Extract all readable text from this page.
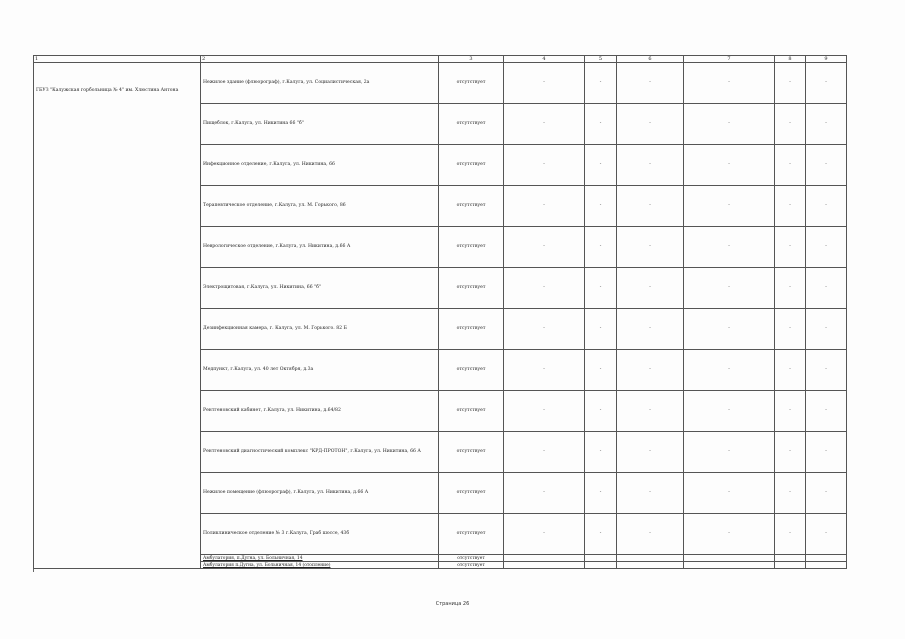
1	2	3	4	5	6	7	8	9
ГБУЗ "Калужская горбольница № 4" им. Хлюстина Антона	Нежилое здание (флюорограф), г.Калуга, ул. Социалистическая, 2а	отсутствует	-	-	-	-	-	-
	Пищеблок, г.Калуга, ул. Никитина 66 "б"	отсутствует	-	-	-	-	-	-
	Инфекционное отделение, г.Калуга, ул. Никитина, 66	отсутствует	-	-	-	-	-	-
	Терапевтическое отделение, г.Калуга, ул. М. Горького, 86	отсутствует	-	-	-	-	-	-
	Неврологическое отделение, г.Калуга, ул. Никитина, д.66 А	отсутствует	-	-	-	-	-	-
	Электрощитовая, г.Калуга, ул. Никитина, 66 "б"	отсутствует	-	-	-	-	-	-
	Дезинфекционная камера, г. Калуга, ул. М. Горького. 82 Б	отсутствует	-	-	-	-	-	-
	Медпункт, г.Калуга, ул. 40 лет Октября, д.3а	отсутствует	-	-	-	-	-	-
	Рентгеновский кабинет, г.Калуга, ул. Никитина, д.64/82	отсутствует	-	-	-	-	-	-
	Рентгеновский диагностический комплекс "КРД-ПРОТОН", г.Калуга, ул. Никитина, 66 А	отсутствует	-	-	-	-	-	-
	Нежилое помещение (флюорограф), г.Калуга, ул. Никитина, д.66 А	отсутствует	-	-	-	-	-	-
	Поликлиническое отделение № 3 г.Калуга, Граб шоссе, 43б	отсутствует	-	-	-	-	-	-
	Амбулатория, п.Дугна, ул. Больничная, 14	отсутствует						
	Амбулатория п.Дугна, ул. Больничная, 14 (отопление)	отсутствует						
Страница 26
